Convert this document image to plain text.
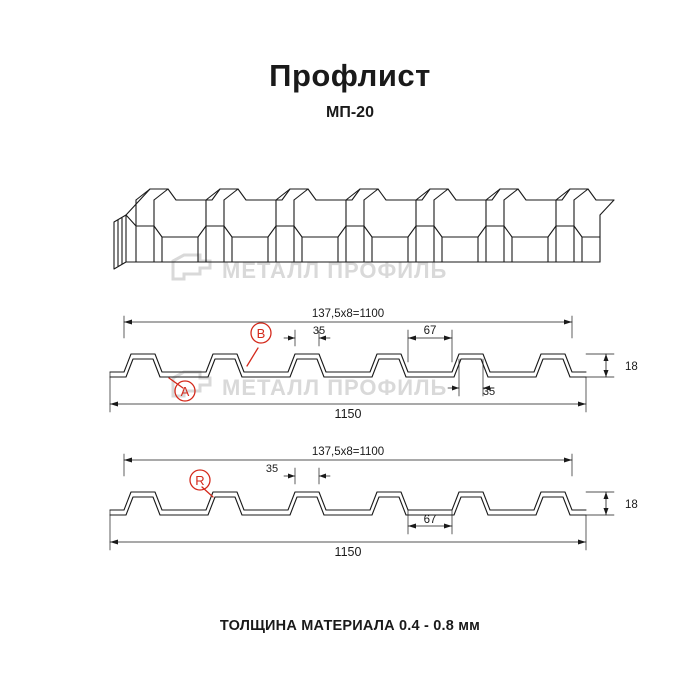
Профлист
МП-20
МЕТАЛЛ ПРОФИЛЬ
МЕТАЛЛ ПРОФИЛЬ
137,5х8=1100
1150
18
35	67
35
137,5х8=1100
1150
18
35
67
A
B
R
ТОЛЩИНА МАТЕРИАЛА 0.4 - 0.8 мм
